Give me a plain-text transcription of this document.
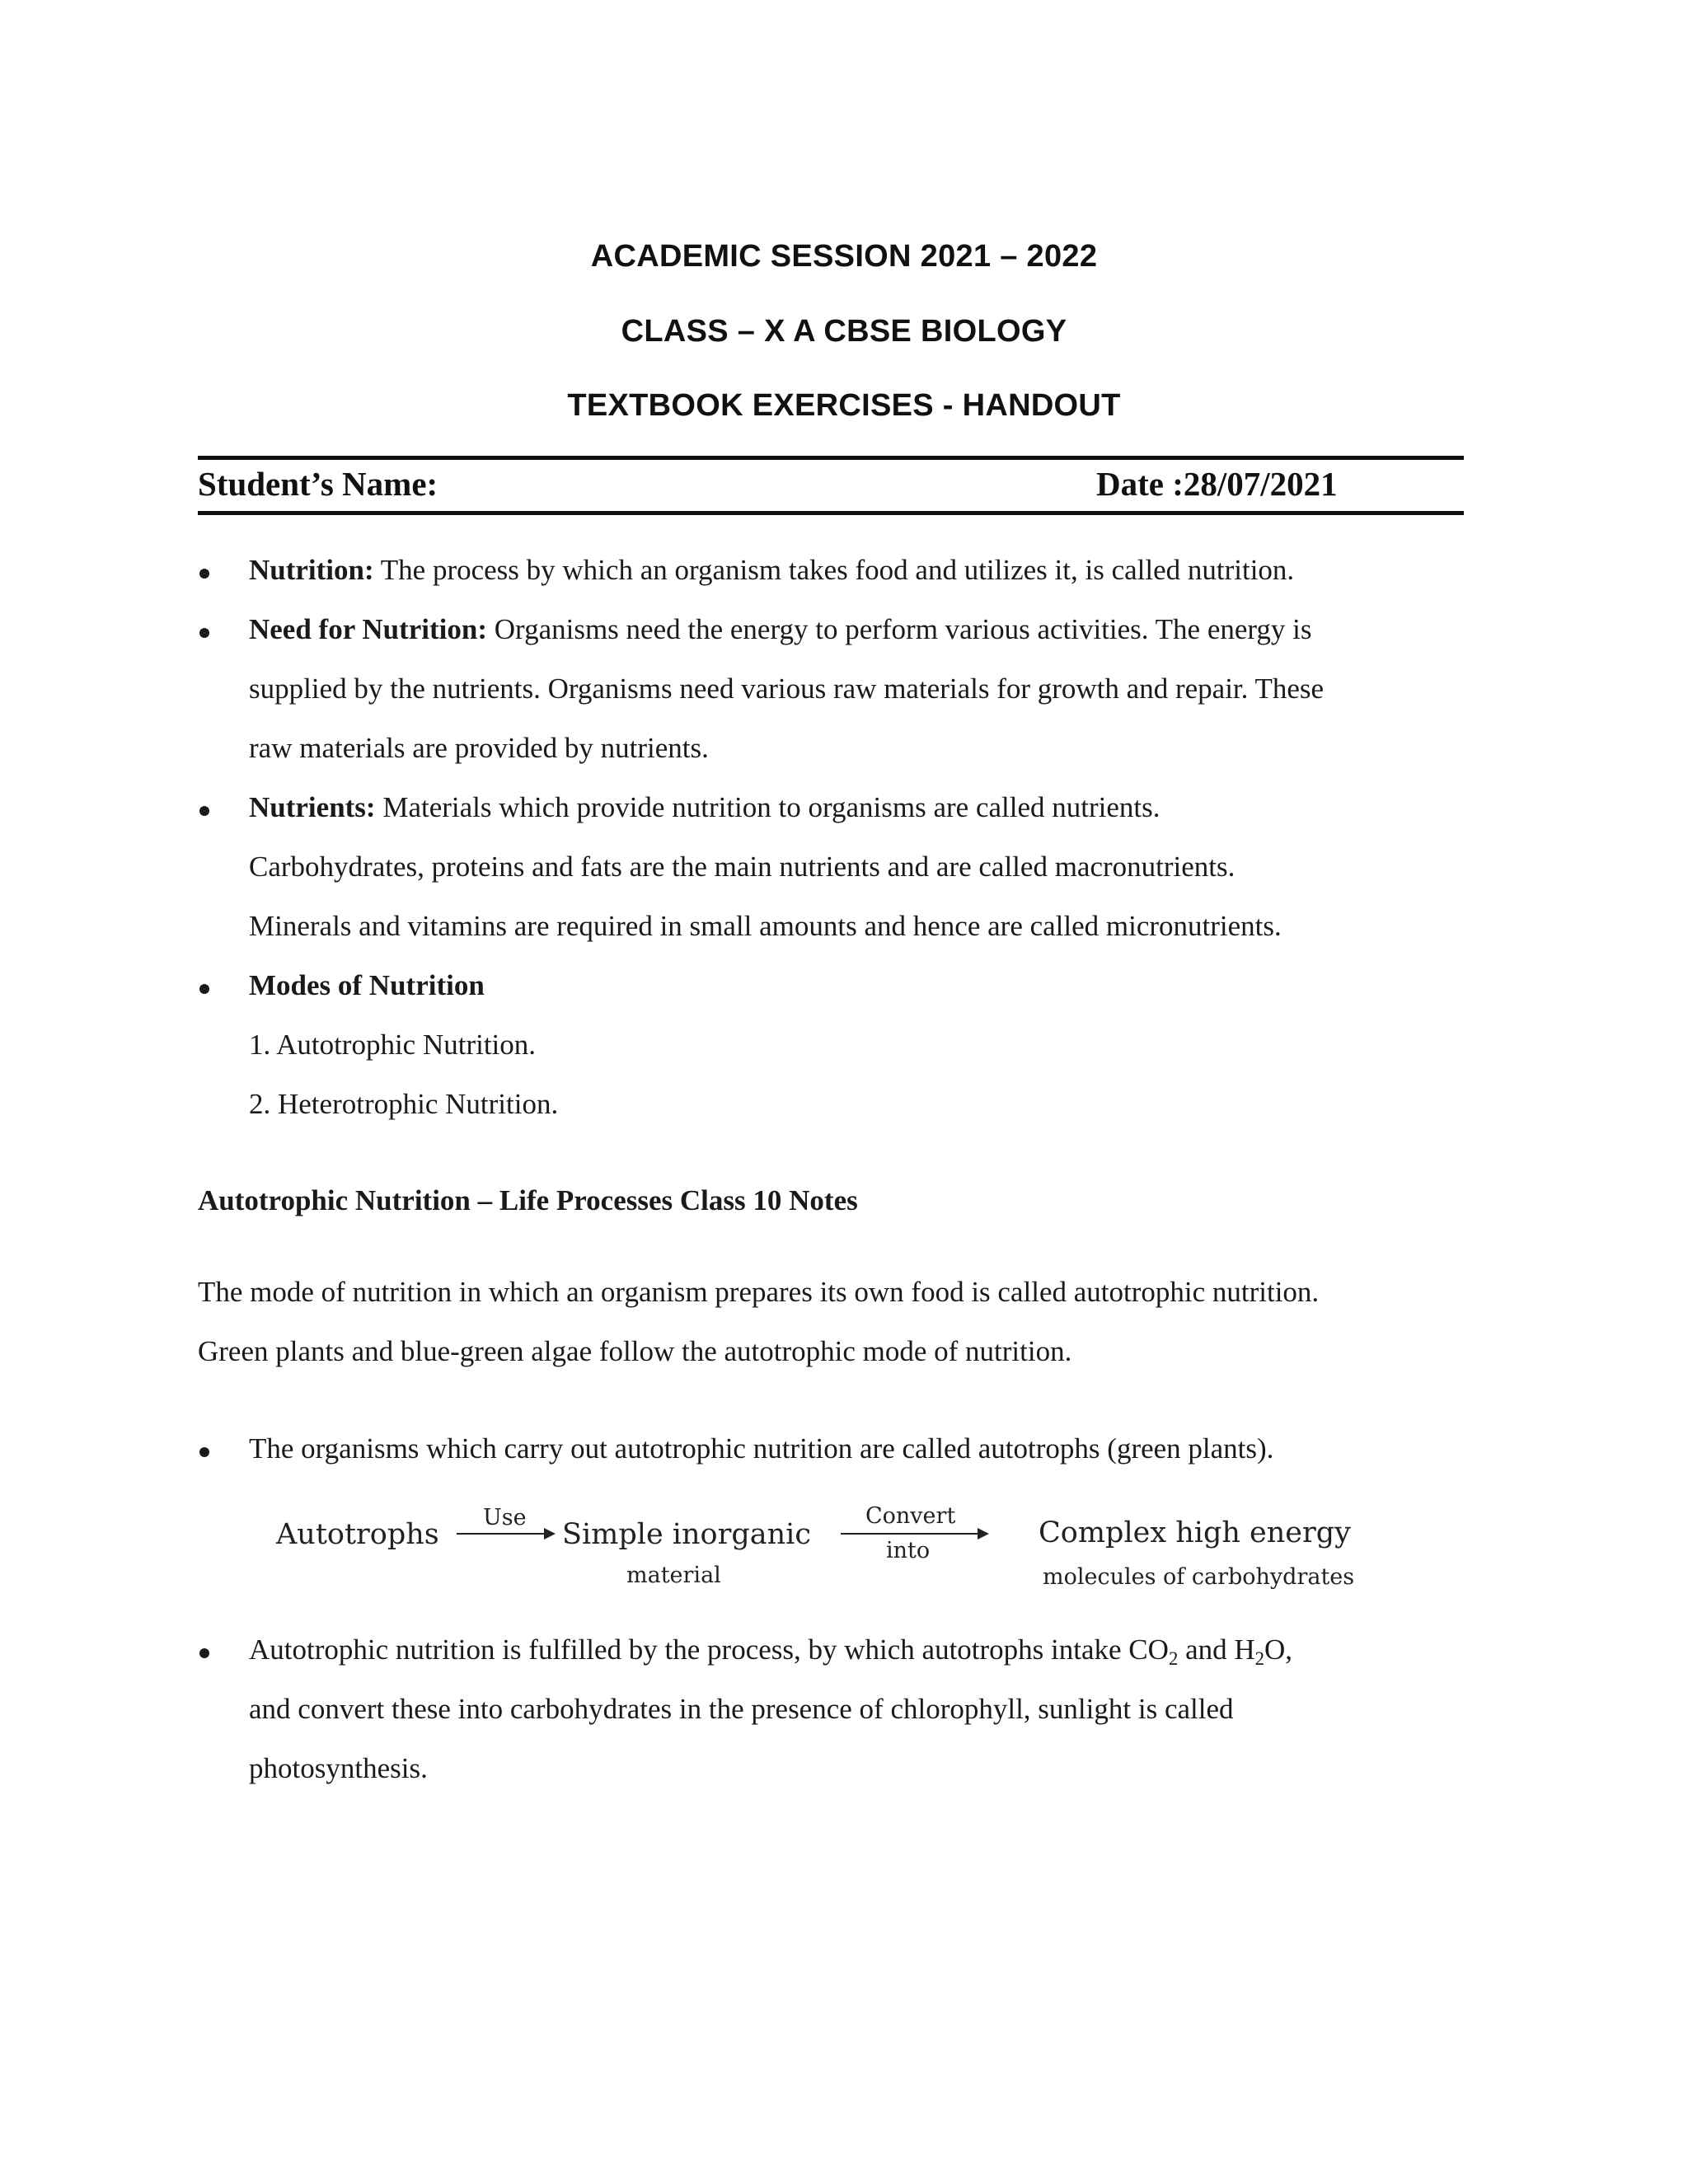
ACADEMIC SESSION 2021 – 2022
CLASS – X A CBSE BIOLOGY
TEXTBOOK EXERCISES - HANDOUT
Student’s Name:	Date :28/07/2021
Nutrition: The process by which an organism takes food and utilizes it, is called nutrition.
Need for Nutrition: Organisms need the energy to perform various activities. The energy is
supplied by the nutrients. Organisms need various raw materials for growth and repair. These
raw materials are provided by nutrients.
Nutrients: Materials which provide nutrition to organisms are called nutrients.
Carbohydrates, proteins and fats are the main nutrients and are called macronutrients.
Minerals and vitamins are required in small amounts and hence are called micronutrients.
Modes of Nutrition
1. Autotrophic Nutrition.
2. Heterotrophic Nutrition.
Autotrophic Nutrition – Life Processes Class 10 Notes
The mode of nutrition in which an organism prepares its own food is called autotrophic nutrition.
Green plants and blue-green algae follow the autotrophic mode of nutrition.
The organisms which carry out autotrophic nutrition are called autotrophs (green plants).
Autotrophs
Use
Simple inorganic
material
Convert
into
Complex high energy
molecules of carbohydrates
Autotrophic nutrition is fulfilled by the process, by which autotrophs intake $CO_2$ and $H_2O$,
and convert these into carbohydrates in the presence of chlorophyll, sunlight is called
photosynthesis.
